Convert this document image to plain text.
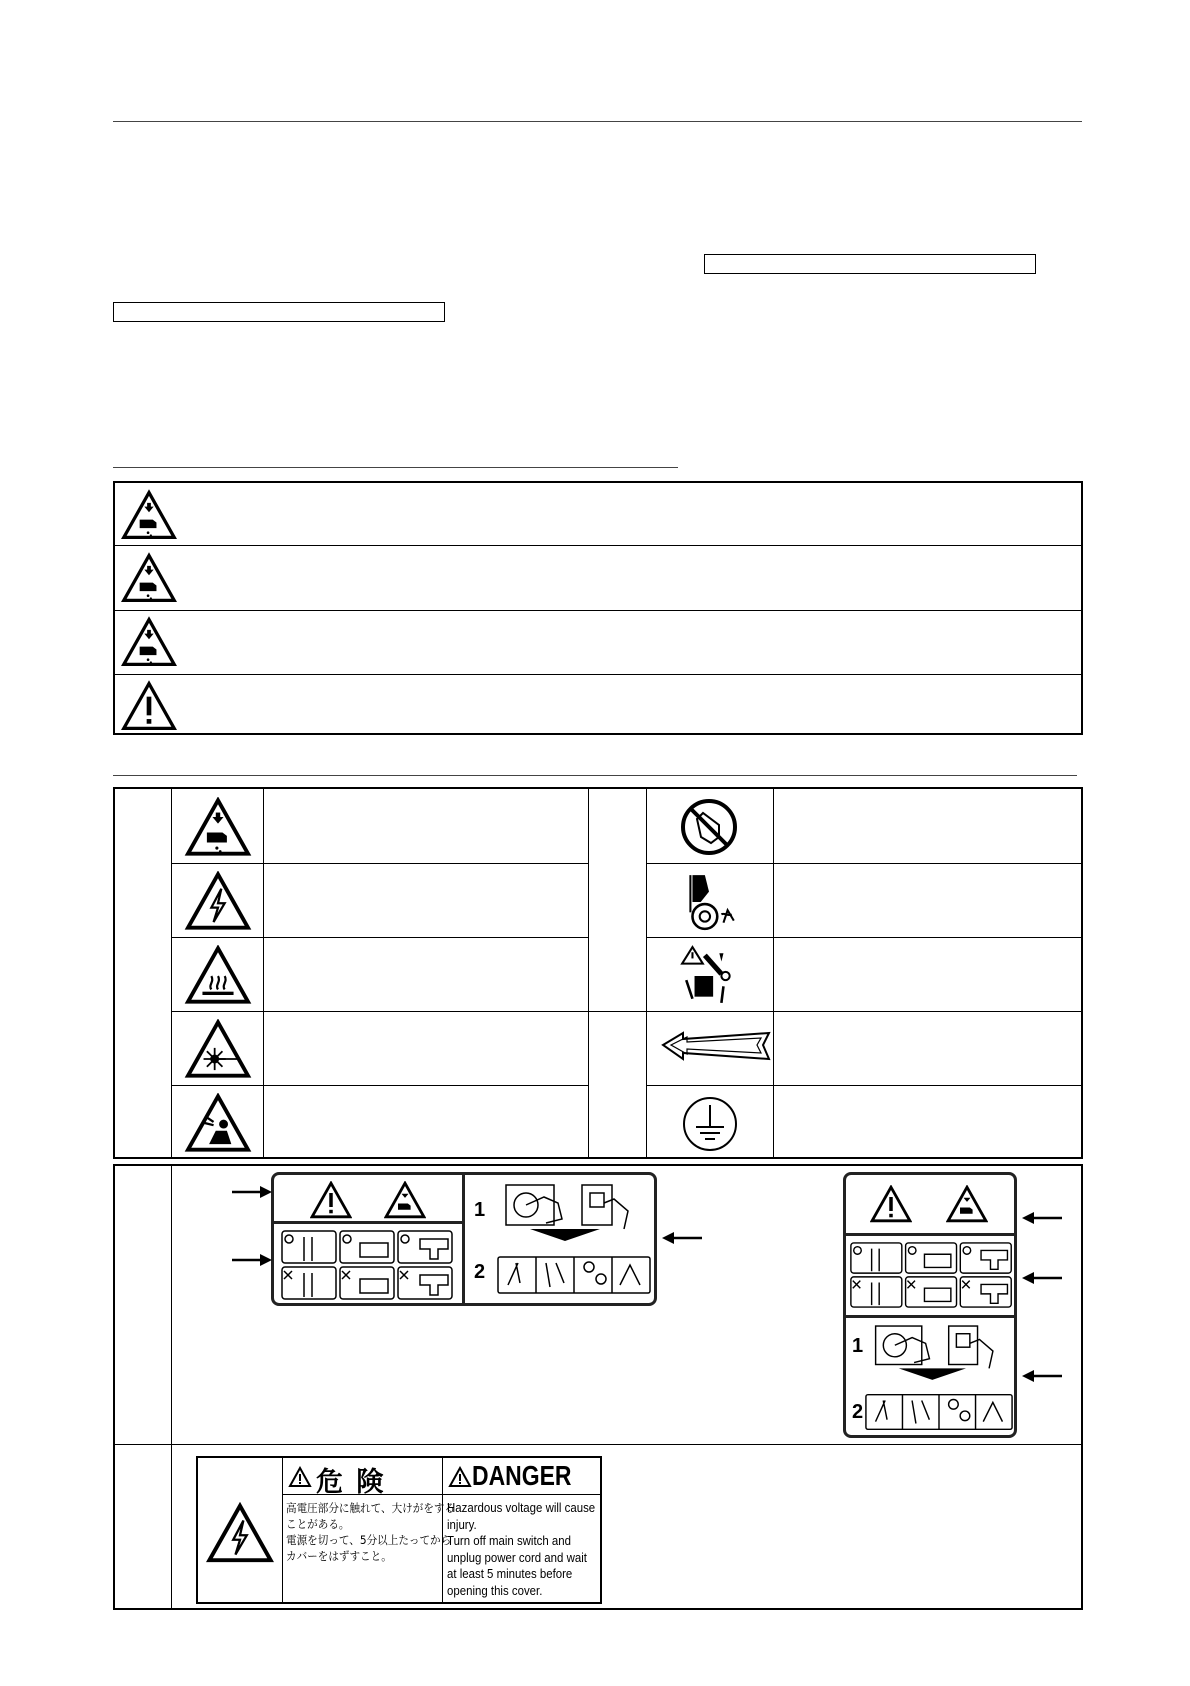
1
2
1
2
危 険	DANGER
高電圧部分に触れて、大けがをする
ことがある。
電源を切って、5分以上たってから
カバーをはずすこと。
Hazardous voltage will cause
injury.
Turn off main switch and
unplug power cord and wait
at least 5 minutes before
opening this cover.
